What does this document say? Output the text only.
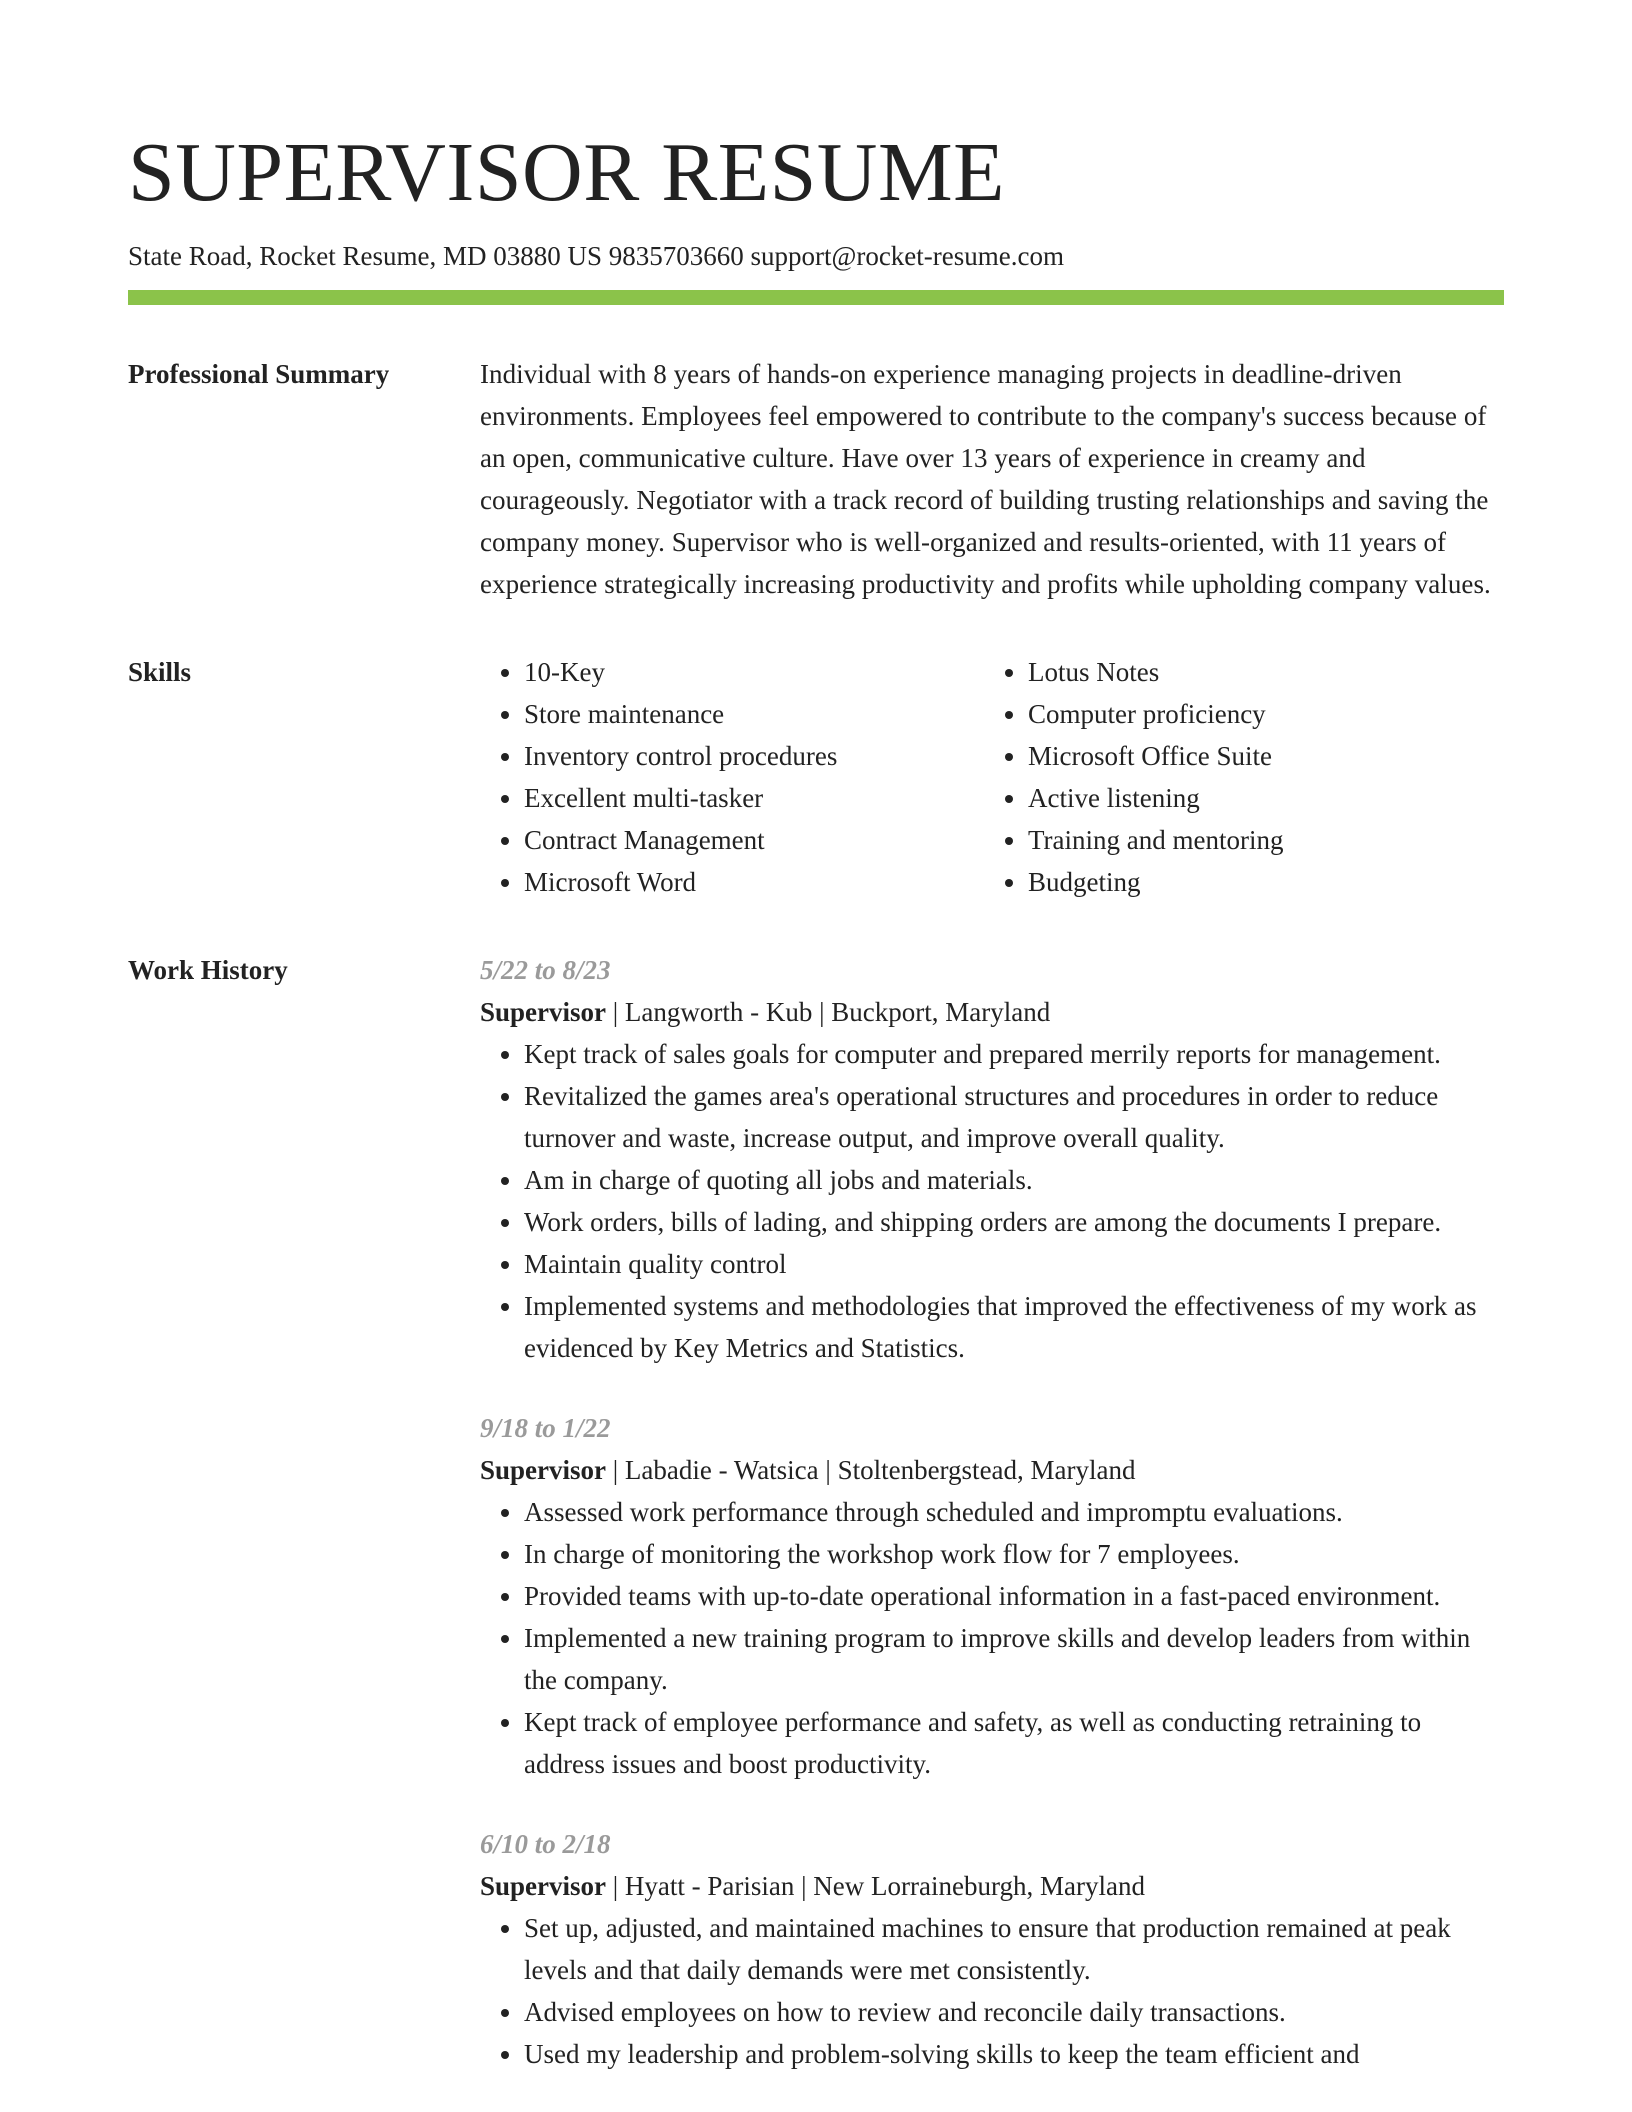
SUPERVISOR RESUME
State Road, Rocket Resume, MD 03880 US 9835703660 support@rocket-resume.com
Professional Summary	Individual with 8 years of hands-on experience managing projects in deadline-driven environments. Employees feel empowered to contribute to the company's success because of an open, communicative culture. Have over 13 years of experience in creamy and courageously. Negotiator with a track record of building trusting relationships and saving the company money. Supervisor who is well-organized and results-oriented, with 11 years of experience strategically increasing productivity and profits while upholding company values.

Skills
•	10-Key
• Store maintenance
• Inventory control procedures
• Excellent multi-tasker
• Contract Management
• Microsoft Word
• Lotus Notes
• Computer proficiency
• Microsoft Office Suite
• Active listening
• Training and mentoring
• Budgeting
Work History	5/22 to 8/23
Supervisor | Langworth - Kub | Buckport, Maryland
• Kept track of sales goals for computer and prepared merrily reports for management.
• Revitalized the games area's operational structures and procedures in order to reduce turnover and waste, increase output, and improve overall quality.
• Am in charge of quoting all jobs and materials.
• Work orders, bills of lading, and shipping orders are among the documents I prepare.
• Maintain quality control
• Implemented systems and methodologies that improved the effectiveness of my work as evidenced by Key Metrics and Statistics.
9/18 to 1/22
Supervisor | Labadie - Watsica | Stoltenbergstead, Maryland
• Assessed work performance through scheduled and impromptu evaluations.
• In charge of monitoring the workshop work flow for 7 employees.
• Provided teams with up-to-date operational information in a fast-paced environment.
• Implemented a new training program to improve skills and develop leaders from within the company.
• Kept track of employee performance and safety, as well as conducting retraining to address issues and boost productivity.
6/10 to 2/18
Supervisor | Hyatt - Parisian | New Lorraineburgh, Maryland
• Set up, adjusted, and maintained machines to ensure that production remained at peak levels and that daily demands were met consistently.
• Advised employees on how to review and reconcile daily transactions.
• Used my leadership and problem-solving skills to keep the team efficient and
